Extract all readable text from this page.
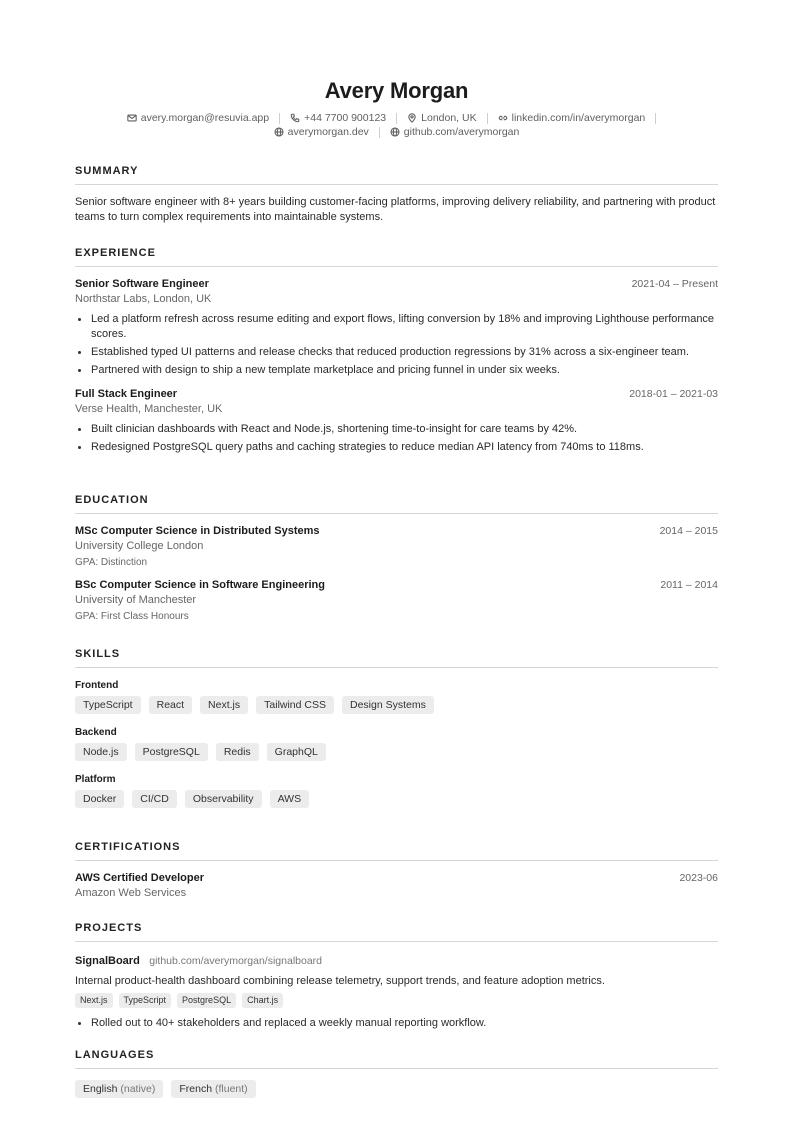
Avery Morgan
avery.morgan@resuvia.app	+44 7700 900123	London, UK	linkedin.com/in/averymorgan
averymorgan.dev	github.com/averymorgan
SUMMARY
Senior software engineer with 8+ years building customer-facing platforms, improving delivery reliability, and partnering with product teams to turn complex requirements into maintainable systems.
EXPERIENCE
Senior Software Engineer	2021-04 – Present
Northstar Labs, London, UK
Led a platform refresh across resume editing and export flows, lifting conversion by 18% and improving Lighthouse performance scores.
Established typed UI patterns and release checks that reduced production regressions by 31% across a six-engineer team.
Partnered with design to ship a new template marketplace and pricing funnel in under six weeks.
Full Stack Engineer	2018-01 – 2021-03
Verse Health, Manchester, UK
Built clinician dashboards with React and Node.js, shortening time-to-insight for care teams by 42%.
Redesigned PostgreSQL query paths and caching strategies to reduce median API latency from 740ms to 118ms.
EDUCATION
MSc Computer Science in Distributed Systems	2014 – 2015
University College London
GPA: Distinction
BSc Computer Science in Software Engineering	2011 – 2014
University of Manchester
GPA: First Class Honours
SKILLS
Frontend
TypeScript	React	Next.js	Tailwind CSS	Design Systems
Backend
Node.js	PostgreSQL	Redis	GraphQL
Platform
Docker	CI/CD	Observability	AWS
CERTIFICATIONS
AWS Certified Developer	2023-06
Amazon Web Services
PROJECTS
SignalBoard github.com/averymorgan/signalboard
Internal product-health dashboard combining release telemetry, support trends, and feature adoption metrics.
Next.js	TypeScript	PostgreSQL	Chart.js
Rolled out to 40+ stakeholders and replaced a weekly manual reporting workflow.
LANGUAGES
English (native)	French (fluent)
